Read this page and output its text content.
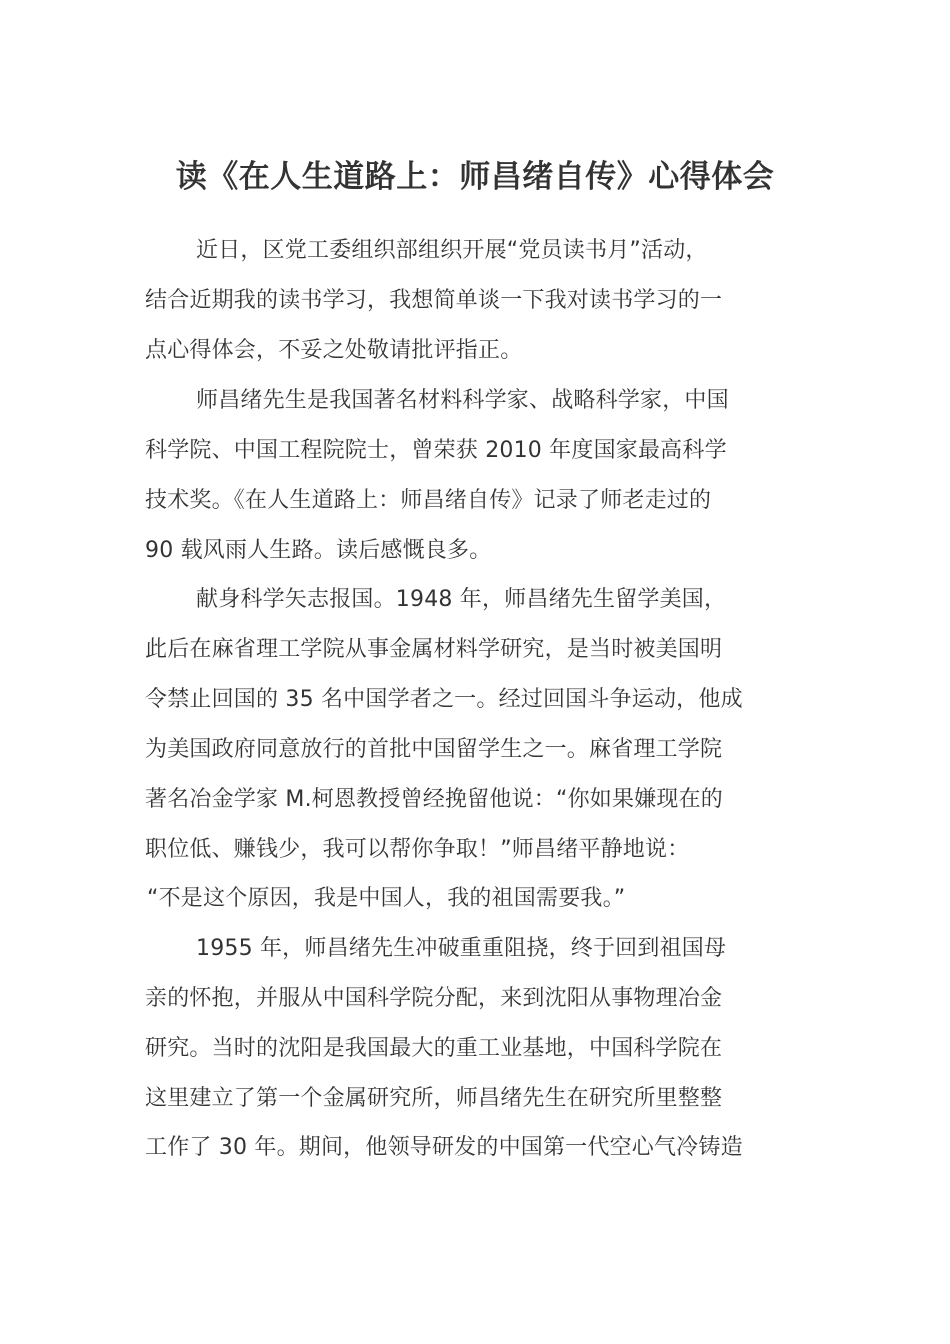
读《在人生道路上：师昌绪自传》心得体会
近日，区党工委组织部组织开展“党员读书月”活动，
结合近期我的读书学习，我想简单谈一下我对读书学习的一
点心得体会，不妥之处敬请批评指正。
师昌绪先生是我国著名材料科学家、战略科学家，中国
科学院、中国工程院院士，曾荣获 2010 年度国家最高科学
技术奖。《在人生道路上：师昌绪自传》记录了师老走过的
90 载风雨人生路。读后感慨良多。
献身科学矢志报国。1948 年，师昌绪先生留学美国，
此后在麻省理工学院从事金属材料学研究，是当时被美国明
令禁止回国的 35 名中国学者之一。经过回国斗争运动，他成
为美国政府同意放行的首批中国留学生之一。麻省理工学院
著名冶金学家 M.柯恩教授曾经挽留他说：“你如果嫌现在的
职位低、赚钱少，我可以帮你争取！”师昌绪平静地说：
“不是这个原因，我是中国人，我的祖国需要我。”
1955 年，师昌绪先生冲破重重阻挠，终于回到祖国母
亲的怀抱，并服从中国科学院分配，来到沈阳从事物理冶金
研究。当时的沈阳是我国最大的重工业基地，中国科学院在
这里建立了第一个金属研究所，师昌绪先生在研究所里整整
工作了 30 年。期间，他领导研发的中国第一代空心气冷铸造
